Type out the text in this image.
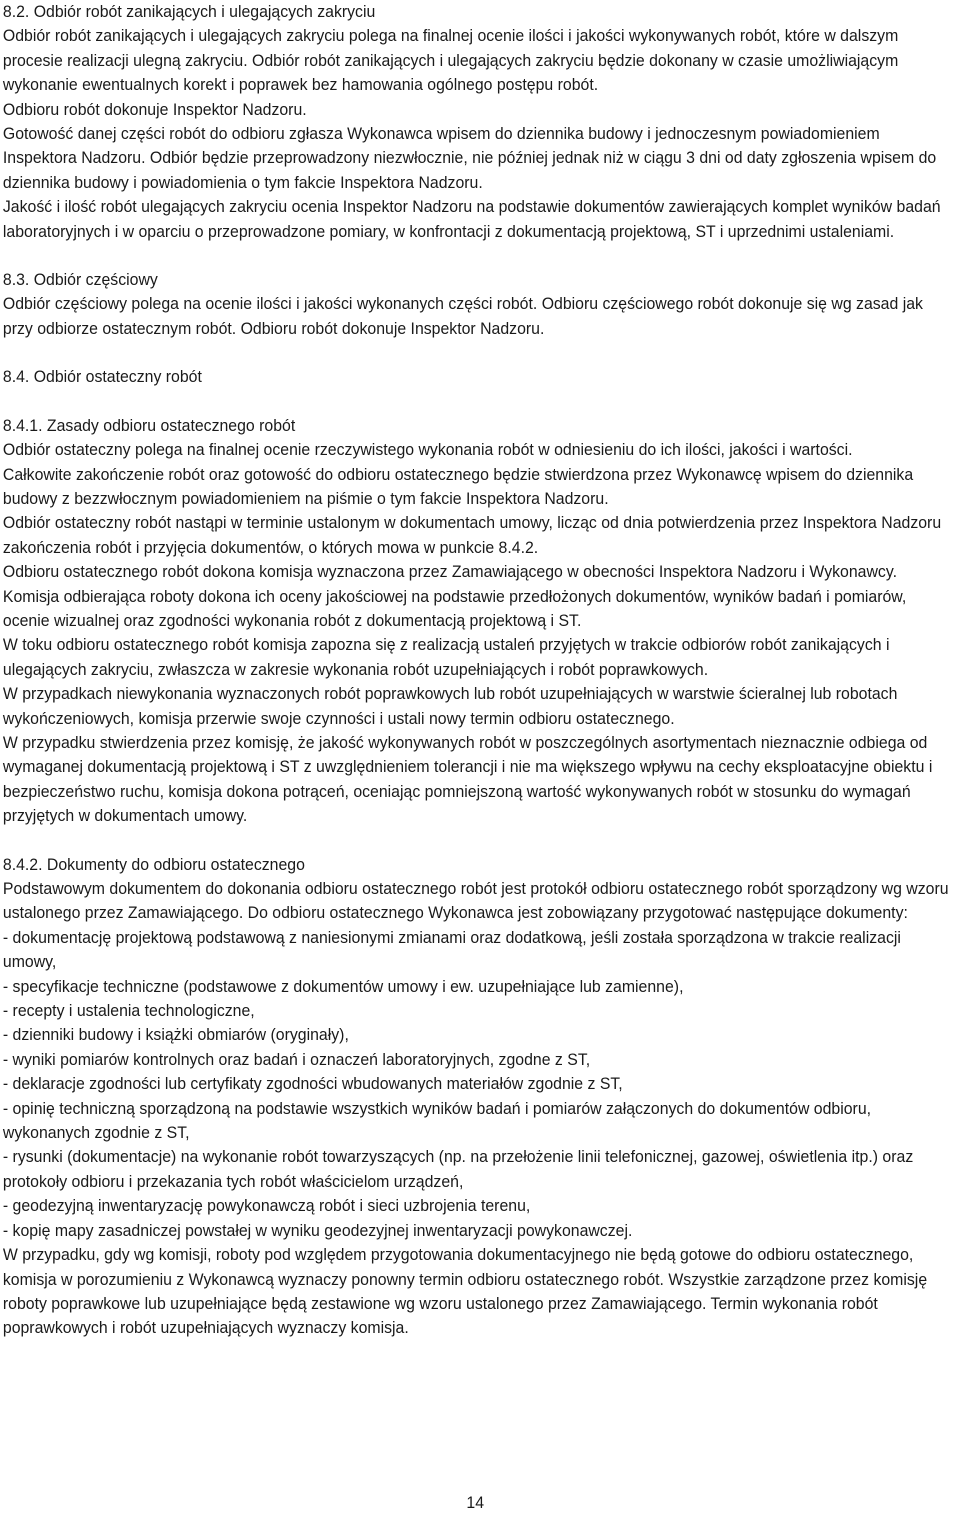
8.2. Odbiór robót zanikających i ulegających zakryciu

Odbiór robót zanikających i ulegających zakryciu polega na finalnej ocenie ilości i jakości wykonywanych robót, które w dalszym procesie realizacji ulegną zakryciu. Odbiór robót zanikających i ulegających zakryciu będzie dokonany w czasie umożliwiającym wykonanie ewentualnych korekt i poprawek bez hamowania ogólnego postępu robót.

Odbioru robót dokonuje Inspektor Nadzoru.

Gotowość danej części robót do odbioru zgłasza Wykonawca wpisem do dziennika budowy i jednoczesnym powiadomieniem Inspektora Nadzoru. Odbiór będzie przeprowadzony niezwłocznie, nie później jednak niż w ciągu 3 dni od daty zgłoszenia wpisem do dziennika budowy i powiadomienia o tym fakcie Inspektora Nadzoru.

Jakość i ilość robót ulegających zakryciu ocenia Inspektor Nadzoru na podstawie dokumentów zawierających komplet wyników badań laboratoryjnych i w oparciu o przeprowadzone pomiary, w konfrontacji z dokumentacją projektową, ST i uprzednimi ustaleniami.

8.3. Odbiór częściowy

Odbiór częściowy polega na ocenie ilości i jakości wykonanych części robót. Odbioru częściowego robót dokonuje się wg zasad jak przy odbiorze ostatecznym robót. Odbioru robót dokonuje Inspektor Nadzoru.

8.4. Odbiór ostateczny robót

8.4.1. Zasady odbioru ostatecznego robót

Odbiór ostateczny polega na finalnej ocenie rzeczywistego wykonania robót w odniesieniu do ich ilości, jakości i wartości.

Całkowite zakończenie robót oraz gotowość do odbioru ostatecznego będzie stwierdzona przez Wykonawcę wpisem do dziennika budowy z bezzwłocznym powiadomieniem na piśmie o tym fakcie Inspektora Nadzoru.

Odbiór ostateczny robót nastąpi w terminie ustalonym w dokumentach umowy, licząc od dnia potwierdzenia przez Inspektora Nadzoru zakończenia robót i przyjęcia dokumentów, o których mowa w punkcie 8.4.2.

Odbioru ostatecznego robót dokona komisja wyznaczona przez Zamawiającego w obecności Inspektora Nadzoru i Wykonawcy. Komisja odbierająca roboty dokona ich oceny jakościowej na podstawie przedłożonych dokumentów, wyników badań i pomiarów, ocenie wizualnej oraz zgodności wykonania robót z dokumentacją projektową i ST.

W toku odbioru ostatecznego robót komisja zapozna się z realizacją ustaleń przyjętych w trakcie odbiorów robót zanikających i ulegających zakryciu, zwłaszcza w zakresie wykonania robót uzupełniających i robót poprawkowych.

W przypadkach niewykonania wyznaczonych robót poprawkowych lub robót uzupełniających w warstwie ścieralnej lub robotach wykończeniowych, komisja przerwie swoje czynności i ustali nowy termin odbioru ostatecznego.

W przypadku stwierdzenia przez komisję, że jakość wykonywanych robót w poszczególnych asortymentach nieznacznie odbiega od wymaganej dokumentacją projektową i ST z uwzględnieniem tolerancji i nie ma większego wpływu na cechy eksploatacyjne obiektu i bezpieczeństwo ruchu, komisja dokona potrąceń, oceniając pomniejszoną wartość wykonywanych robót w stosunku do wymagań przyjętych w dokumentach umowy.

8.4.2. Dokumenty do odbioru ostatecznego

Podstawowym dokumentem do dokonania odbioru ostatecznego robót jest protokół odbioru ostatecznego robót sporządzony wg wzoru ustalonego przez Zamawiającego. Do odbioru ostatecznego Wykonawca jest zobowiązany przygotować następujące dokumenty:

- dokumentację projektową podstawową z naniesionymi zmianami oraz dodatkową, jeśli została sporządzona w trakcie realizacji umowy,

- specyfikacje techniczne (podstawowe z dokumentów umowy i ew. uzupełniające lub zamienne),

- recepty i ustalenia technologiczne,

- dzienniki budowy i książki obmiarów (oryginały),

- wyniki pomiarów kontrolnych oraz badań i oznaczeń laboratoryjnych, zgodne z ST,

- deklaracje zgodności lub certyfikaty zgodności wbudowanych materiałów zgodnie z ST,

- opinię techniczną sporządzoną na podstawie wszystkich wyników badań i pomiarów załączonych do dokumentów odbioru, wykonanych zgodnie z ST,

- rysunki (dokumentacje) na wykonanie robót towarzyszących (np. na przełożenie linii telefonicznej, gazowej, oświetlenia itp.) oraz protokoły odbioru i przekazania tych robót właścicielom urządzeń,

- geodezyjną inwentaryzację powykonawczą robót i sieci uzbrojenia terenu,

- kopię mapy zasadniczej powstałej w wyniku geodezyjnej inwentaryzacji powykonawczej.

W przypadku, gdy wg komisji, roboty pod względem przygotowania dokumentacyjnego nie będą gotowe do odbioru ostatecznego, komisja w porozumieniu z Wykonawcą wyznaczy ponowny termin odbioru ostatecznego robót. Wszystkie zarządzone przez komisję roboty poprawkowe lub uzupełniające będą zestawione wg wzoru ustalonego przez Zamawiającego. Termin wykonania robót poprawkowych i robót uzupełniających wyznaczy komisja.

14
